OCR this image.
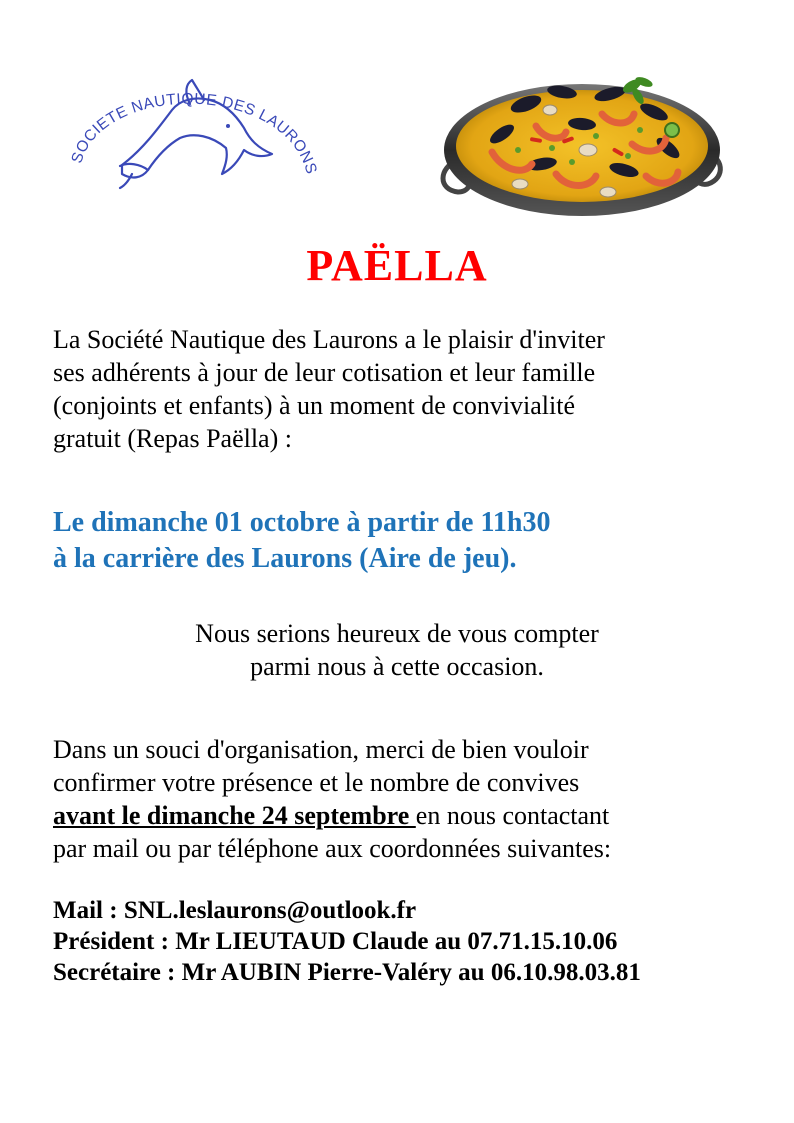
SOCIETE NAUTIQUE DES LAURONS
PAËLLA
La Société Nautique des Laurons a le plaisir d'inviter
ses adhérents à jour de leur cotisation et leur famille
(conjoints et enfants) à un moment de convivialité
gratuit (Repas Paëlla) :
Le dimanche 01 octobre à partir de 11h30
à la carrière des Laurons (Aire de jeu).
Nous serions heureux de vous compter
parmi nous à cette occasion.
Dans un souci d'organisation, merci de bien vouloir
confirmer votre présence et le nombre de convives
avant le dimanche 24 septembre en nous contactant
par mail ou par téléphone aux coordonnées suivantes:
Mail : SNL.leslaurons@outlook.fr
Président : Mr LIEUTAUD Claude au 07.71.15.10.06
Secrétaire : Mr AUBIN Pierre-Valéry au 06.10.98.03.81
